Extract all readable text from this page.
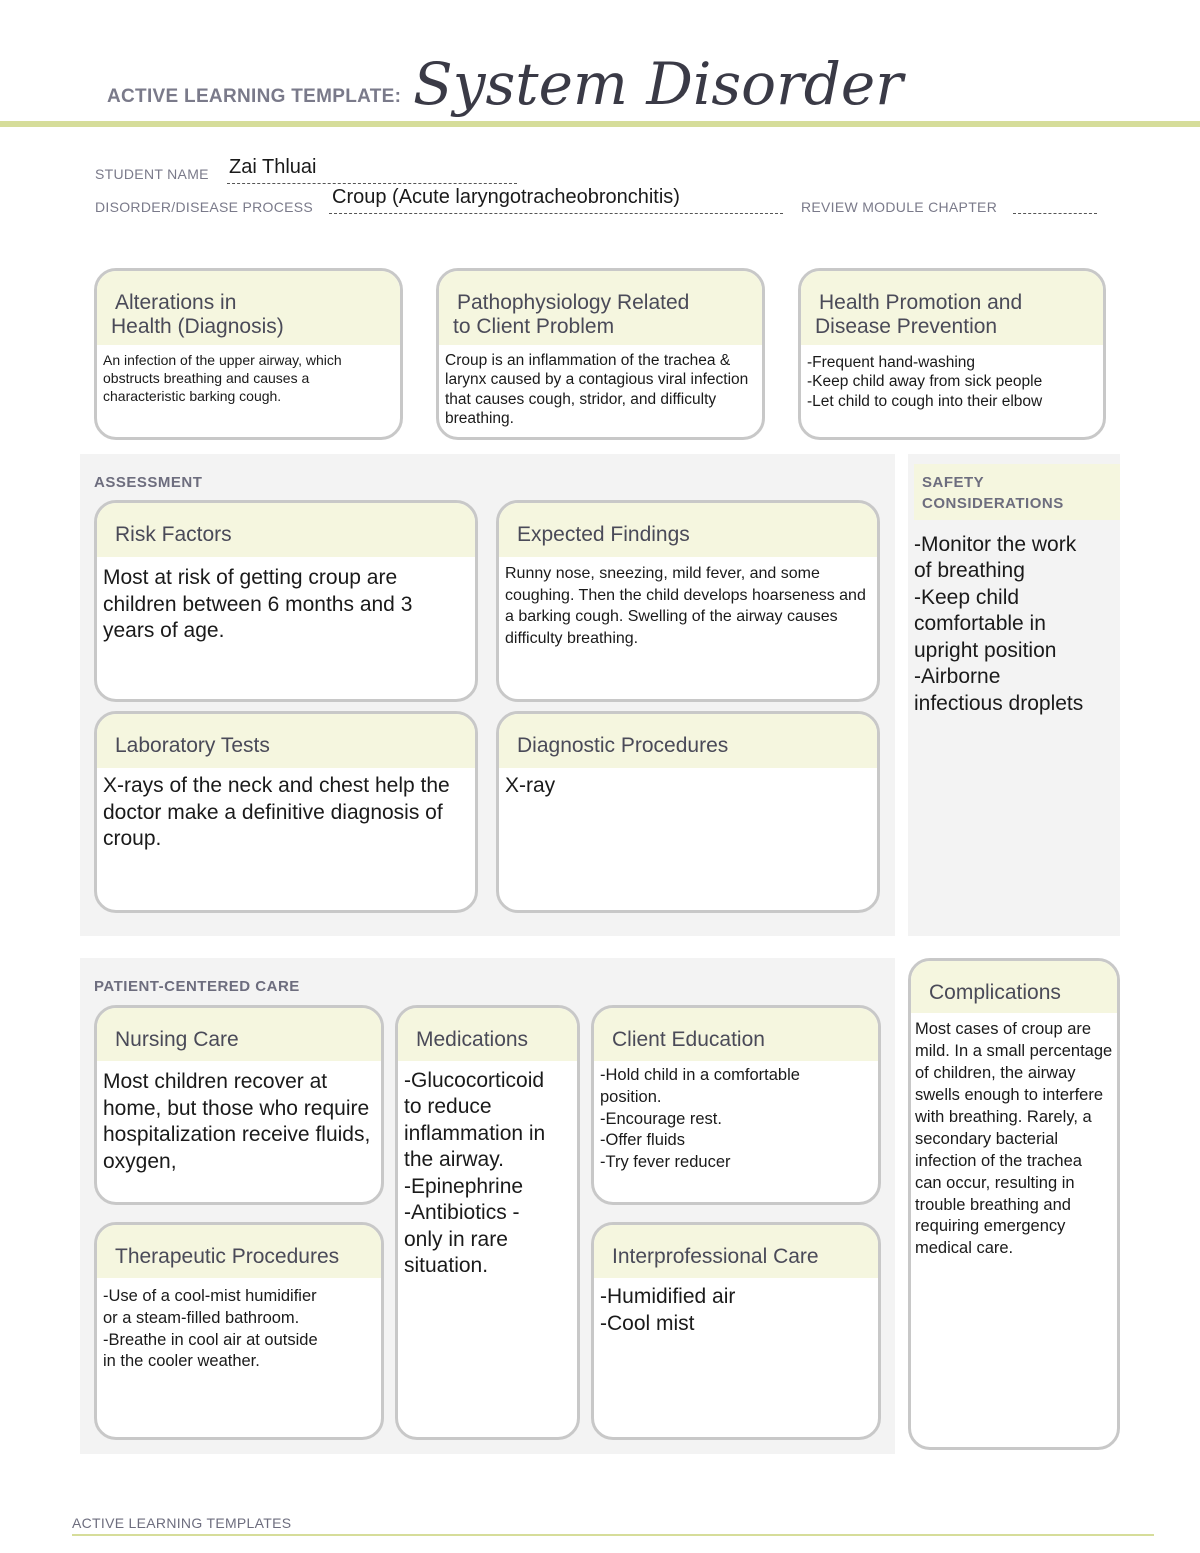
ACTIVE LEARNING TEMPLATE: System Disorder
STUDENT NAME Zai Thluai
DISORDER/DISEASE PROCESS Croup (Acute laryngotracheobronchitis)	REVIEW MODULE CHAPTER
Alterations in
Health (Diagnosis)
An infection of the upper airway, which obstructs breathing and causes a characteristic barking cough.
Pathophysiology Related
to Client Problem
Croup is an inflammation of the trachea & larynx caused by a contagious viral infection that causes cough, stridor, and difficulty breathing.
Health Promotion and
Disease Prevention
-Frequent hand-washing
-Keep child away from sick people
-Let child to cough into their elbow
ASSESSMENT
Risk Factors
Most at risk of getting croup are children between 6 months and 3 years of age.
Expected Findings
Runny nose, sneezing, mild fever, and some coughing. Then the child develops hoarseness and a barking cough. Swelling of the airway causes difficulty breathing.
Laboratory Tests
X-rays of the neck and chest help the doctor make a definitive diagnosis of croup.
Diagnostic Procedures
X-ray
SAFETY
CONSIDERATIONS
-Monitor the work
of breathing
-Keep child
comfortable in
upright position
-Airborne
infectious droplets
PATIENT-CENTERED CARE
Nursing Care
Most children recover at home, but those who require hospitalization receive fluids, oxygen,
Medications
-Glucocorticoid
to reduce
inflammation in
the airway.
-Epinephrine
-Antibiotics -
only in rare
situation.
Client Education
-Hold child in a comfortable
position.
-Encourage rest.
-Offer fluids
-Try fever reducer
Therapeutic Procedures
-Use of a cool-mist humidifier
or a steam-filled bathroom.
-Breathe in cool air at outside
in the cooler weather.
Interprofessional Care
-Humidified air
-Cool mist
Complications
Most cases of croup are mild. In a small percentage of children, the airway swells enough to interfere with breathing. Rarely, a secondary bacterial infection of the trachea can occur, resulting in trouble breathing and requiring emergency medical care.
ACTIVE LEARNING TEMPLATES
